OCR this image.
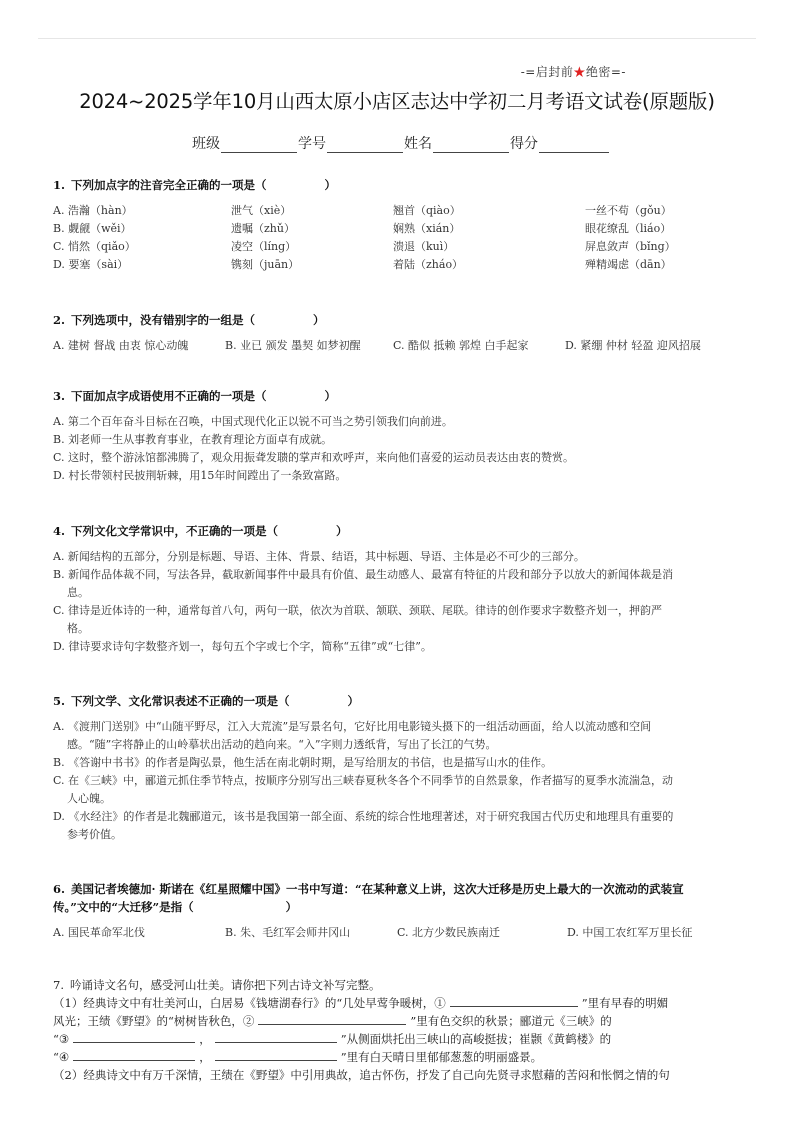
-=启封前★绝密=-
2024~2025学年10月山西太原小店区志达中学初二月考语文试卷(原题版)
班级	学号	姓名	得分
1. 下列加点字的注音完全正确的一项是（	）
A. 浩瀚（hàn）	泄气（xiè）	翘首（qiào）	一丝不苟（gǒu）
B. 觑觎（wěi）	遗嘱（zhǔ）	娴熟（xián）	眼花缭乱（liáo）
C. 悄然（qiǎo）	凌空（líng）	溃退（kuì）	屏息敛声（bǐng）
D. 要塞（sài）	镌刻（juān）	着陆（zháo）	殚精竭虑（dān）
2. 下列选项中，没有错别字的一组是（	）
A. 建树 督战 由衷 惊心动魄	B. 业已 颁发 墨契 如梦初醒	C. 酷似 抵赖 郭煌 白手起家	D. 紧绷 仲材 轻盈 迎风招展
3. 下面加点字成语使用不正确的一项是（	）
A. 第二个百年奋斗目标在召唤，中国式现代化正以锐不可当之势引领我们向前进。
B. 刘老师一生从事教育事业，在教育理论方面卓有成就。
C. 这时，整个游泳馆都沸腾了，观众用振聋发聩的掌声和欢呼声，来向他们喜爱的运动员表达由衷的赞赏。
D. 村长带领村民披荆斩棘，用15年时间蹚出了一条致富路。
4. 下列文化文学常识中，不正确的一项是（	）
A. 新闻结构的五部分，分别是标题、导语、主体、背景、结语，其中标题、导语、主体是必不可少的三部分。
B. 新闻作品体裁不同，写法各异，截取新闻事件中最具有价值、最生动感人、最富有特征的片段和部分予以放大的新闻体裁是消
息。
C. 律诗是近体诗的一种，通常每首八句，两句一联，依次为首联、颔联、颈联、尾联。律诗的创作要求字数整齐划一，押韵严
格。
D. 律诗要求诗句字数整齐划一，每句五个字或七个字，简称“五律”或“七律”。
5. 下列文学、文化常识表述不正确的一项是（	）
A. 《渡荆门送别》中“山随平野尽，江入大荒流”是写景名句，它好比用电影镜头摄下的一组活动画面，给人以流动感和空间
感。“随”字将静止的山岭摹状出活动的趋向来。“入”字则力透纸背，写出了长江的气势。
B. 《答谢中书书》的作者是陶弘景，他生活在南北朝时期，是写给朋友的书信，也是描写山水的佳作。
C. 在《三峡》中，郦道元抓住季节特点，按顺序分别写出三峡春夏秋冬各个不同季节的自然景象，作者描写的夏季水流湍急，动
人心魄。
D. 《水经注》的作者是北魏郦道元，该书是我国第一部全面、系统的综合性地理著述，对于研究我国古代历史和地理具有重要的
参考价值。
6. 美国记者埃德加· 斯诺在《红星照耀中国》一书中写道：“在某种意义上讲，这次大迁移是历史上最大的一次流动的武装宣
传。”文中的“大迁移”是指（	）
A. 国民革命军北伐	B. 朱、毛红军会师井冈山	C. 北方少数民族南迁	D. 中国工农红军万里长征
7. 吟诵诗文名句，感受河山壮美。请你把下列古诗文补写完整。
（1）经典诗文中有壮美河山，白居易《钱塘湖春行》的“几处早莺争暖树，①	”里有早春的明媚
风光；王绩《野望》的“树树皆秋色，②	”里有色交织的秋景；郦道元《三峡》的
“③	，	”从侧面烘托出三峡山的高峻挺拔；崔颢《黄鹤楼》的
“④	，	”里有白天晴日里郁郁葱葱的明丽盛景。
（2）经典诗文中有万千深情，王绩在《野望》中引用典故，追古怀伤，抒发了自己向先贤寻求慰藉的苦闷和怅惘之情的句
